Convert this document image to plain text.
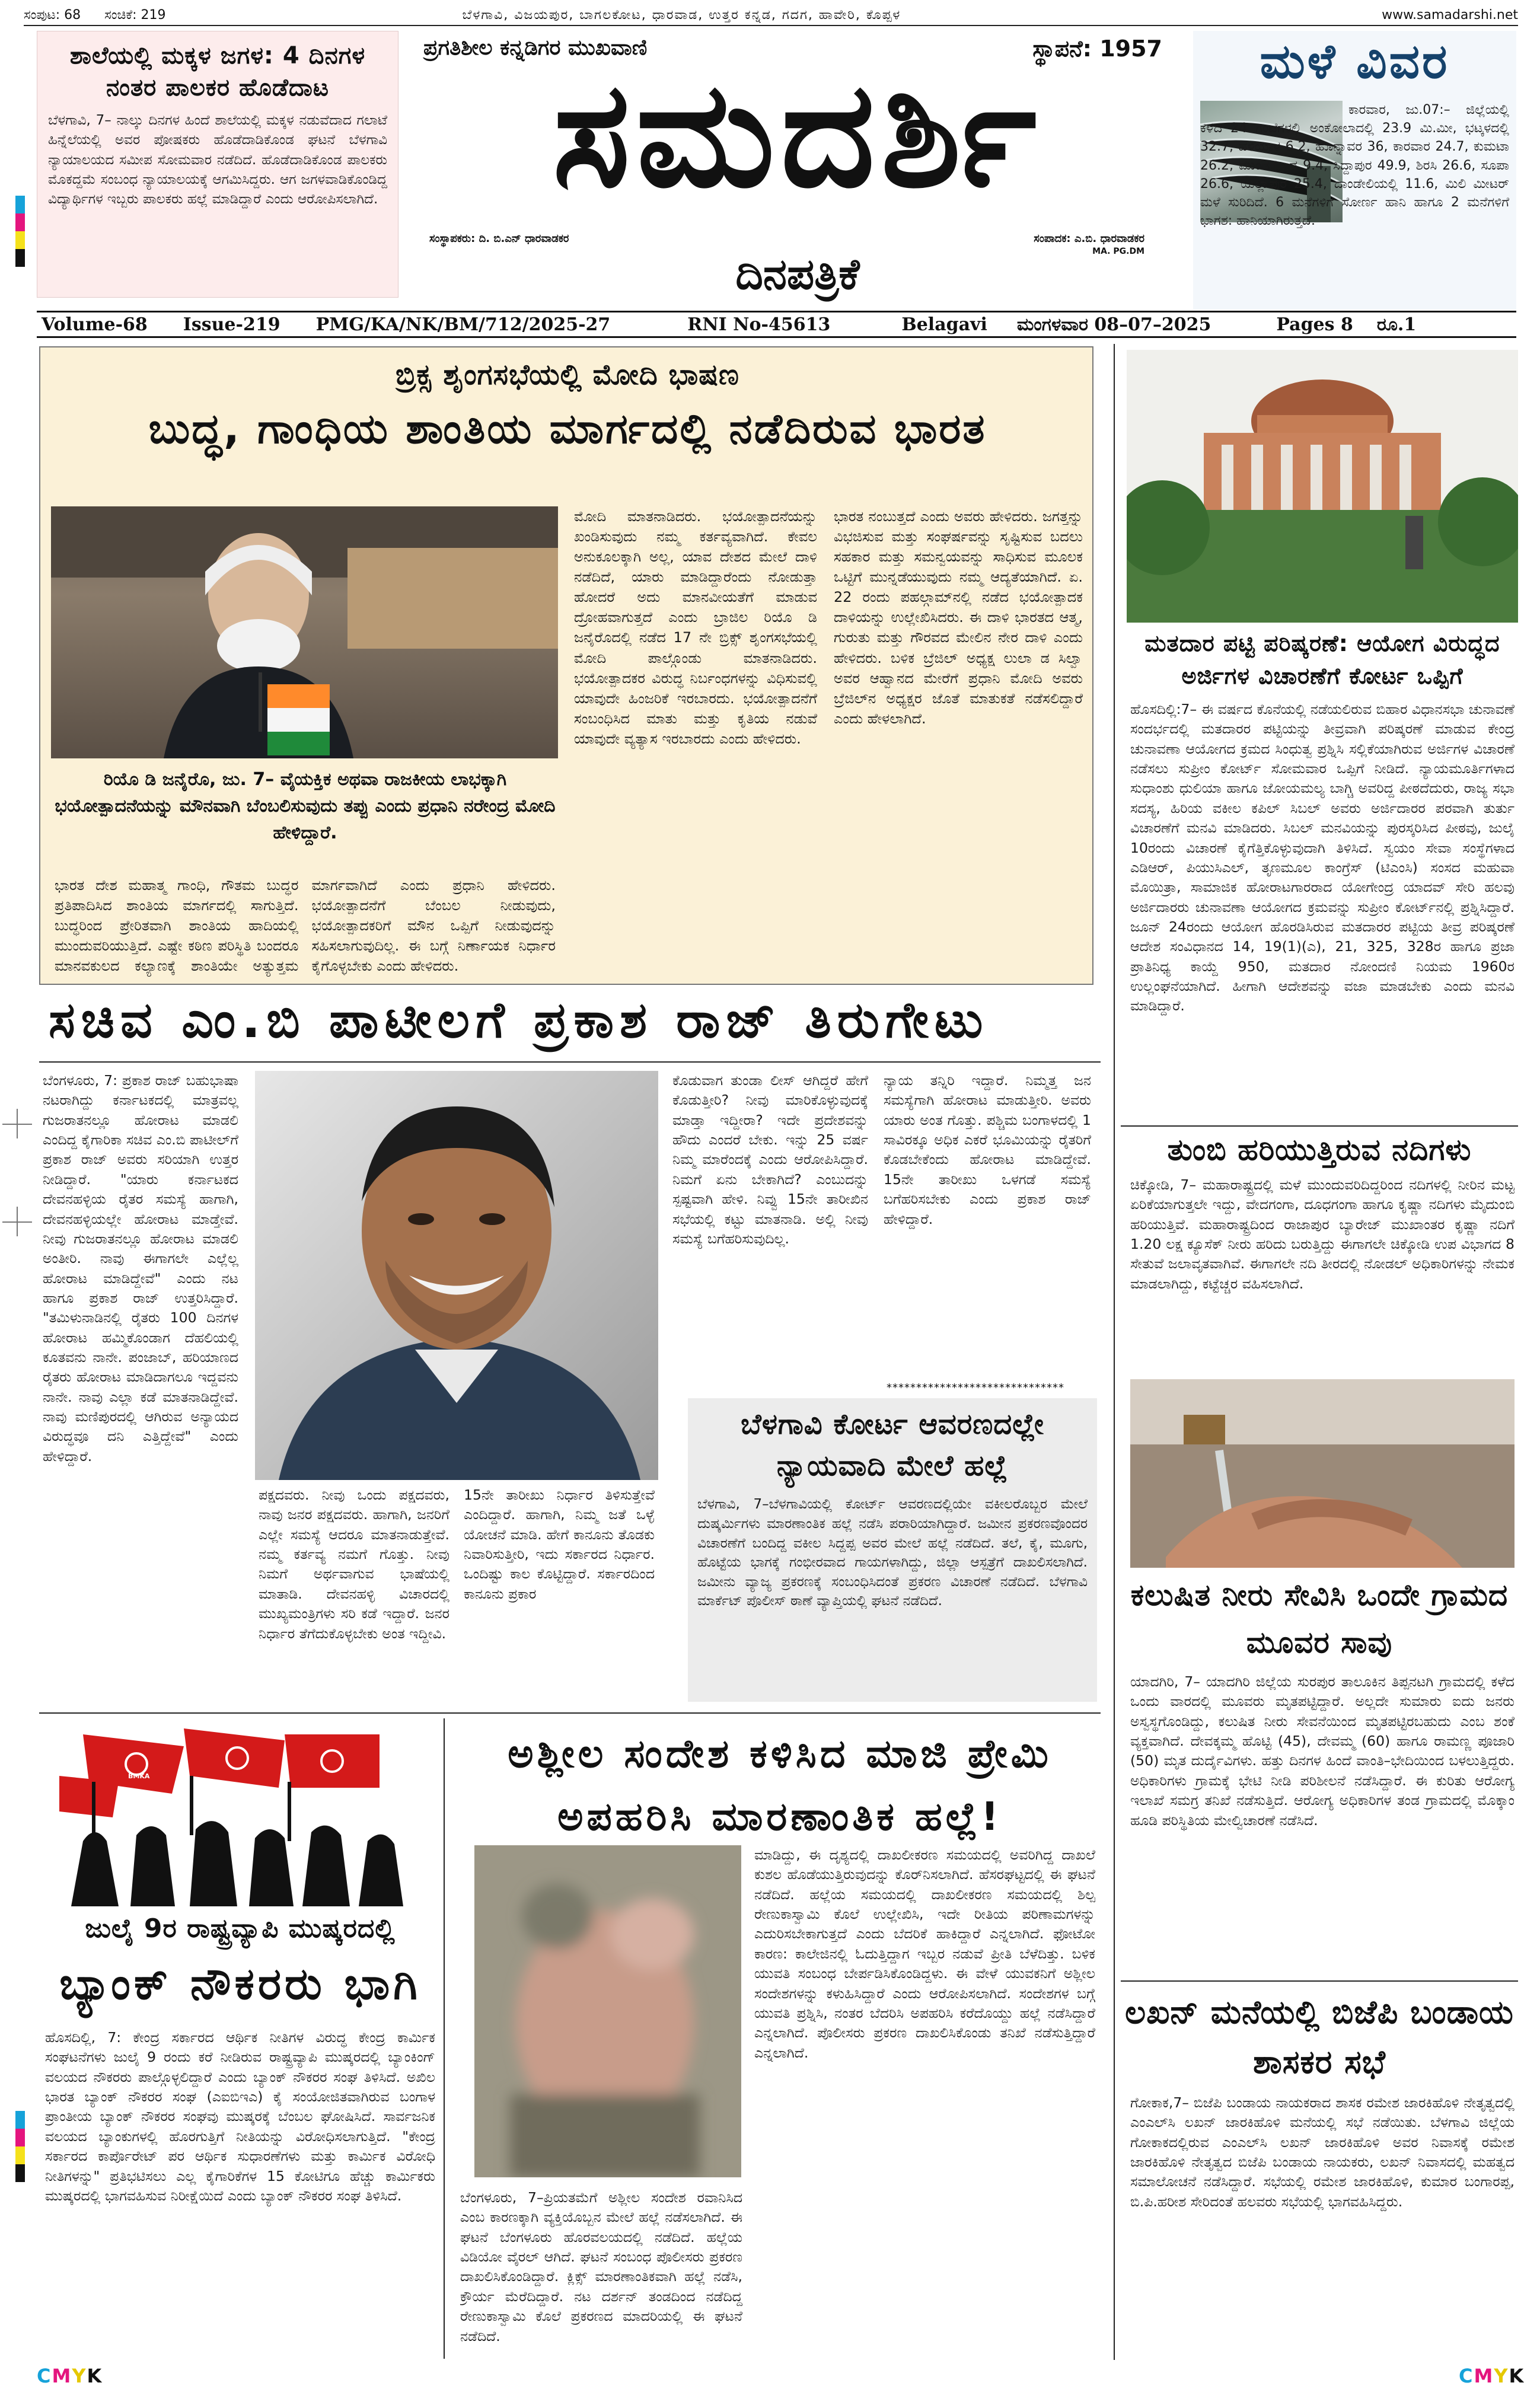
ಸಂಪುಟ: 68 ಸಂಚಿಕೆ: 219	ಬೆಳಗಾವಿ, ವಿಜಯಪುರ, ಬಾಗಲಕೋಟ, ಧಾರವಾಡ, ಉತ್ತರ ಕನ್ನಡ, ಗದಗ, ಹಾವೇರಿ, ಕೊಪ್ಪಳ	www.samadarshi.net
ಶಾಲೆಯಲ್ಲಿ ಮಕ್ಕಳ ಜಗಳ: 4 ದಿನಗಳ ನಂತರ ಪಾಲಕರ ಹೊಡೆದಾಟ
ಬೆಳಗಾವಿ, 7– ನಾಲ್ಕು ದಿನಗಳ ಹಿಂದೆ ಶಾಲೆಯಲ್ಲಿ ಮಕ್ಕಳ ನಡುವೆದಾದ ಗಲಾಟೆ ಹಿನ್ನೆಲೆಯಲ್ಲಿ ಅವರ ಪೋಷಕರು ಹೊಡೆದಾಡಿಕೊಂಡ ಘಟನೆ ಬೆಳಗಾವಿ ನ್ಯಾಯಾಲಯದ ಸಮೀಪ ಸೋಮವಾರ ನಡೆದಿದೆ. ಹೊಡೆದಾಡಿಕೊಂಡ ಪಾಲಕರು ಮೊಕದ್ದಮೆ ಸಂಬಂಧ ನ್ಯಾಯಾಲಯಕ್ಕೆ ಆಗಮಿಸಿದ್ದರು. ಆಗ ಜಗಳವಾಡಿಕೊಂಡಿದ್ದ ವಿದ್ಯಾರ್ಥಿಗಳ ಇಬ್ಬರು ಪಾಲಕರು ಹಲ್ಲೆ ಮಾಡಿದ್ದಾರೆ ಎಂದು ಆರೋಪಿಸಲಾಗಿದೆ.
ಪ್ರಗತಿಶೀಲ ಕನ್ನಡಿಗರ ಮುಖವಾಣಿ	ಸ್ಥಾಪನೆ: 1957
ಸಮದರ್ಶಿ
ಸಂಸ್ಥಾಪಕರು: ದಿ. ಬಿ.ಎನ್ ಧಾರವಾಡಕರ
ದಿನಪತ್ರಿಕೆ
ಸಂಪಾದಕ: ಎ.ಬಿ. ಧಾರವಾಡಕರ
MA. PG.DM
ಮಳೆ ವಿವರ
ಕಾರವಾರ, ಜು.07:– ಜಿಲ್ಲೆಯಲ್ಲಿ ಕಳೆದ 24 ಗಂಟೆಗಳಲ್ಲಿ ಅಂಕೋಲಾದಲ್ಲಿ 23.9 ಮಿ.ಮೀ, ಭಟ್ಕಳದಲ್ಲಿ 32.7, ಹಳಿಯಾಳ 6.2, ಹೊನ್ನಾವರ 36, ಕಾರವಾರ 24.7, ಕುಮಟಾ 26.2, ಮುಂಡಗೋಡ 9.4, ಸಿದ್ದಾಪುರ 49.9, ಶಿರಸಿ 26.6, ಸೂಪಾ 26.6, ಯಲ್ಲಾಪುರ 25.4, ದಾಂಡೇಲಿಯಲ್ಲಿ 11.6, ಮಿಲಿ ಮೀಟರ್ ಮಳೆ ಸುರಿದಿದೆ. 6 ಮನೆಗಳಿಗೆ ಸೋರ್ಣ ಹಾನಿ ಹಾಗೂ 2 ಮನೆಗಳಿಗೆ ಭಾಗಶ: ಹಾನಿಯಾಗಿರುತ್ತದೆ.
Volume-68 Issue-219 PMG/KA/NK/BM/712/2025-27	RNI No-45613	Belagavi ಮಂಗಳವಾರ 08–07–2025	Pages 8 ರೂ.1
ಬ್ರಿಕ್ಸ ಶೃಂಗಸಭೆಯಲ್ಲಿ ಮೋದಿ ಭಾಷಣ
ಬುದ್ಧ, ಗಾಂಧಿಯ ಶಾಂತಿಯ ಮಾರ್ಗದಲ್ಲಿ ನಡೆದಿರುವ ಭಾರತ
ರಿಯೊ ಡಿ ಜನೈರೊ, ಜು. 7– ವೈಯಕ್ತಿಕ ಅಥವಾ ರಾಜಕೀಯ ಲಾಭಕ್ಕಾಗಿ ಭಯೋತ್ಪಾದನೆಯನ್ನು ಮೌನವಾಗಿ ಬೆಂಬಲಿಸುವುದು ತಪ್ಪು ಎಂದು ಪ್ರಧಾನಿ ನರೇಂದ್ರ ಮೋದಿ ಹೇಳಿದ್ದಾರೆ.
ಭಾರತ ದೇಶ ಮಹಾತ್ಮ ಗಾಂಧಿ, ಗೌತಮ ಬುದ್ಧರ ಪ್ರತಿಪಾದಿಸಿದ ಶಾಂತಿಯ ಮಾರ್ಗದಲ್ಲಿ ಸಾಗುತ್ತಿದೆ. ಬುದ್ಧರಿಂದ ಪ್ರೇರಿತವಾಗಿ ಶಾಂತಿಯ ಹಾದಿಯಲ್ಲಿ ಮುಂದುವರಿಯುತ್ತಿದೆ. ಎಷ್ಟೇ ಕಠಿಣ ಪರಿಸ್ಥಿತಿ ಬಂದರೂ ಮಾನವಕುಲದ ಕಲ್ಯಾಣಕ್ಕೆ ಶಾಂತಿಯೇ ಅತ್ಯುತ್ತಮ ಮಾರ್ಗವಾಗಿದೆ ಎಂದು ಪ್ರಧಾನಿ ಹೇಳಿದರು. ಭಯೋತ್ಪಾದನೆಗೆ ಬೆಂಬಲ ನೀಡುವುದು, ಭಯೋತ್ಪಾದಕರಿಗೆ ಮೌನ ಒಪ್ಪಿಗೆ ನೀಡುವುದನ್ನು ಸಹಿಸಲಾಗುವುದಿಲ್ಲ. ಈ ಬಗ್ಗೆ ನಿರ್ಣಾಯಕ ನಿರ್ಧಾರ ಕೈಗೊಳ್ಳಬೇಕು ಎಂದು ಹೇಳಿದರು.
ಮೋದಿ ಮಾತನಾಡಿದರು. ಭಯೋತ್ಪಾದನೆಯನ್ನು ಖಂಡಿಸುವುದು ನಮ್ಮ ಕರ್ತವ್ಯವಾಗಿದೆ. ಕೇವಲ ಅನುಕೂಲಕ್ಕಾಗಿ ಅಲ್ಲ, ಯಾವ ದೇಶದ ಮೇಲೆ ದಾಳಿ ನಡೆದಿದೆ, ಯಾರು ಮಾಡಿದ್ದಾರೆಂದು ನೋಡುತ್ತಾ ಹೋದರೆ ಅದು ಮಾನವೀಯತೆಗೆ ಮಾಡುವ ದ್ರೋಹವಾಗುತ್ತದೆ ಎಂದು ಬ್ರಾಜಿಲ ರಿಯೊ ಡಿ ಜನೈರೊದಲ್ಲಿ ನಡೆದ 17 ನೇ ಬ್ರಿಕ್ಸ್ ಶೃಂಗಸಭೆಯಲ್ಲಿ ಮೋದಿ ಪಾಲ್ಗೊಂಡು ಮಾತನಾಡಿದರು. ಭಯೋತ್ಪಾದಕರ ವಿರುದ್ಧ ನಿರ್ಬಂಧಗಳನ್ನು ವಿಧಿಸುವಲ್ಲಿ ಯಾವುದೇ ಹಿಂಜರಿಕೆ ಇರಬಾರದು. ಭಯೋತ್ಪಾದನೆಗೆ ಸಂಬಂಧಿಸಿದ ಮಾತು ಮತ್ತು ಕೃತಿಯ ನಡುವೆ ಯಾವುದೇ ವ್ಯತ್ಯಾಸ ಇರಬಾರದು ಎಂದು ಹೇಳಿದರು.
ಭಾರತ ನಂಬುತ್ತದೆ ಎಂದು ಅವರು ಹೇಳಿದರು. ಜಗತ್ತನ್ನು ವಿಭಜಿಸುವ ಮತ್ತು ಸಂಘರ್ಷವನ್ನು ಸೃಷ್ಟಿಸುವ ಬದಲು ಸಹಕಾರ ಮತ್ತು ಸಮನ್ವಯವನ್ನು ಸಾಧಿಸುವ ಮೂಲಕ ಒಟ್ಟಿಗೆ ಮುನ್ನಡೆಯುವುದು ನಮ್ಮ ಆದ್ಯತೆಯಾಗಿದೆ. ಏ. 22 ರಂದು ಪಹಲ್ಗಾಮ್‌ನಲ್ಲಿ ನಡೆದ ಭಯೋತ್ಪಾದಕ ದಾಳಿಯನ್ನು ಉಲ್ಲೇಖಿಸಿದರು. ಈ ದಾಳಿ ಭಾರತದ ಆತ್ಮ, ಗುರುತು ಮತ್ತು ಗೌರವದ ಮೇಲಿನ ನೇರ ದಾಳಿ ಎಂದು ಹೇಳಿದರು. ಬಳಿಕ ಬ್ರೆಜಿಲ್ ಅಧ್ಯಕ್ಷ ಲುಲಾ ಡ ಸಿಲ್ವಾ ಅವರ ಆಹ್ವಾನದ ಮೇರೆಗೆ ಪ್ರಧಾನಿ ಮೋದಿ ಅವರು ಬ್ರೆಜಿಲ್‌ನ ಅಧ್ಯಕ್ಷರ ಜೊತೆ ಮಾತುಕತೆ ನಡೆಸಲಿದ್ದಾರೆ ಎಂದು ಹೇಳಲಾಗಿದೆ.
ಮತದಾರ ಪಟ್ಟಿ ಪರಿಷ್ಕರಣೆ: ಆಯೋಗ ವಿರುದ್ಧದ ಅರ್ಜಿಗಳ ವಿಚಾರಣೆಗೆ ಕೋರ್ಟ ಒಪ್ಪಿಗೆ
ಹೊಸದಿಲ್ಲಿ:7– ಈ ವರ್ಷದ ಕೊನೆಯಲ್ಲಿ ನಡೆಯಲಿರುವ ಬಿಹಾರ ವಿಧಾನಸಭಾ ಚುನಾವಣೆ ಸಂದರ್ಭದಲ್ಲಿ ಮತದಾರರ ಪಟ್ಟಿಯನ್ನು ತೀವ್ರವಾಗಿ ಪರಿಷ್ಕರಣೆ ಮಾಡುವ ಕೇಂದ್ರ ಚುನಾವಣಾ ಆಯೋಗದ ಕ್ರಮದ ಸಿಂಧುತ್ವ ಪ್ರಶ್ನಿಸಿ ಸಲ್ಲಿಕೆಯಾಗಿರುವ ಅರ್ಜಿಗಳ ವಿಚಾರಣೆ ನಡೆಸಲು ಸುಪ್ರೀಂ ಕೋರ್ಟ್ ಸೋಮವಾರ ಒಪ್ಪಿಗೆ ನೀಡಿದೆ. ನ್ಯಾಯಮೂರ್ತಿಗಳಾದ ಸುಧಾಂಶು ಧುಲಿಯಾ ಹಾಗೂ ಜೋಯಮಲ್ಯ ಬಾಗ್ಚಿ ಅವರಿದ್ದ ಪೀಠದೆದುರು, ರಾಜ್ಯ ಸಭಾ ಸದಸ್ಯ, ಹಿರಿಯ ವಕೀಲ ಕಪಿಲ್ ಸಿಬಲ್ ಅವರು ಅರ್ಜಿದಾರರ ಪರವಾಗಿ ತುರ್ತು ವಿಚಾರಣೆಗೆ ಮನವಿ ಮಾಡಿದರು. ಸಿಬಲ್ ಮನವಿಯನ್ನು ಪುರಸ್ಕರಿಸಿದ ಪೀಠವು, ಜುಲೈ 10ರಂದು ವಿಚಾರಣೆ ಕೈಗೆತ್ತಿಕೊಳ್ಳುವುದಾಗಿ ತಿಳಿಸಿದೆ. ಸ್ವಯಂ ಸೇವಾ ಸಂಸ್ಥೆಗಳಾದ ಎಡಿಆರ್, ಪಿಯುಸಿಎಲ್, ತೃಣಮೂಲ ಕಾಂಗ್ರೆಸ್ (ಟಿಎಂಸಿ) ಸಂಸದ ಮಹುವಾ ಮೊಯಿತ್ರಾ, ಸಾಮಾಜಿಕ ಹೋರಾಟಗಾರರಾದ ಯೋಗೇಂದ್ರ ಯಾದವ್ ಸೇರಿ ಹಲವು ಅರ್ಜಿದಾರರು ಚುನಾವಣಾ ಆಯೋಗದ ಕ್ರಮವನ್ನು ಸುಪ್ರೀಂ ಕೋರ್ಟ್‌ನಲ್ಲಿ ಪ್ರಶ್ನಿಸಿದ್ದಾರೆ. ಜೂನ್ 24ರಂದು ಆಯೋಗ ಹೊರಡಿಸಿರುವ ಮತದಾರರ ಪಟ್ಟಿಯ ತೀವ್ರ ಪರಿಷ್ಕರಣೆ ಆದೇಶ ಸಂವಿಧಾನದ 14, 19(1)(ಎ), 21, 325, 328ರ ಹಾಗೂ ಪ್ರಜಾ ಪ್ರಾತಿನಿಧ್ಯ ಕಾಯ್ದೆ 950, ಮತದಾರ ನೋಂದಣಿ ನಿಯಮ 1960ರ ಉಲ್ಲಂಘನೆಯಾಗಿದೆ. ಹೀಗಾಗಿ ಆದೇಶವನ್ನು ವಜಾ ಮಾಡಬೇಕು ಎಂದು ಮನವಿ ಮಾಡಿದ್ದಾರೆ.
ಸಚಿವ ಎಂ.ಬಿ ಪಾಟೀಲಗೆ ಪ್ರಕಾಶ ರಾಜ್ ತಿರುಗೇಟು
ಬೆಂಗಳೂರು, 7: ಪ್ರಕಾಶ ರಾಜ್ ಬಹುಭಾಷಾ ನಟರಾಗಿದ್ದು ಕರ್ನಾಟಕದಲ್ಲಿ ಮಾತ್ರವಲ್ಲ ಗುಜರಾತನಲ್ಲೂ ಹೋರಾಟ ಮಾಡಲಿ ಎಂದಿದ್ದ ಕೈಗಾರಿಕಾ ಸಚಿವ ಎಂ.ಬಿ ಪಾಟೀಲ್‌ಗೆ ಪ್ರಕಾಶ ರಾಜ್ ಅವರು ಸರಿಯಾಗಿ ಉತ್ತರ ನೀಡಿದ್ದಾರೆ. "ಯಾರು ಕರ್ನಾಟಕದ ದೇವನಹಳ್ಳಿಯ ರೈತರ ಸಮಸ್ಯೆ ಹಾಗಾಗಿ, ದೇವನಹಳ್ಳಿಯಲ್ಲೇ ಹೋರಾಟ ಮಾಡ್ತೇವೆ. ನೀವು ಗುಜರಾತನಲ್ಲೂ ಹೋರಾಟ ಮಾಡಲಿ ಅಂತೀರಿ. ನಾವು ಈಗಾಗಲೇ ಎಲ್ಲೆಲ್ಲ ಹೋರಾಟ ಮಾಡಿದ್ದೇವೆ" ಎಂದು ನಟ ಹಾಗೂ ಪ್ರಕಾಶ ರಾಜ್ ಉತ್ತರಿಸಿದ್ದಾರೆ. "ತಮಿಳುನಾಡಿನಲ್ಲಿ ರೈತರು 100 ದಿನಗಳ ಹೋರಾಟ ಹಮ್ಮಿಕೊಂಡಾಗ ದೆಹಲಿಯಲ್ಲಿ ಕೂತವನು ನಾನೇ. ಪಂಜಾಬ್, ಹರಿಯಾಣದ ರೈತರು ಹೋರಾಟ ಮಾಡಿದಾಗಲೂ ಇದ್ದವನು ನಾನೇ. ನಾವು ಎಲ್ಲಾ ಕಡೆ ಮಾತನಾಡಿದ್ದೇವೆ. ನಾವು ಮಣಿಪುರದಲ್ಲಿ ಆಗಿರುವ ಅನ್ಯಾಯದ ವಿರುದ್ಧವೂ ದನಿ ಎತ್ತಿದ್ದೇವೆ" ಎಂದು ಹೇಳಿದ್ದಾರೆ.
ಪಕ್ಷದವರು. ನೀವು ಒಂದು ಪಕ್ಷದವರು, ನಾವು ಜನರ ಪಕ್ಷದವರು. ಹಾಗಾಗಿ, ಜನರಿಗೆ ಎಲ್ಲೇ ಸಮಸ್ಯೆ ಆದರೂ ಮಾತನಾಡುತ್ತೇವೆ. ನಮ್ಮ ಕರ್ತವ್ಯ ನಮಗೆ ಗೊತ್ತು. ನೀವು ನಿಮಗೆ ಅರ್ಥವಾಗುವ ಭಾಷೆಯಲ್ಲಿ ಮಾತಾಡಿ. ದೇವನಹಳ್ಳಿ ವಿಚಾರದಲ್ಲಿ ಮುಖ್ಯಮಂತ್ರಿಗಳು ಸರಿ ಕಡೆ ಇದ್ದಾರೆ. ಜನರ ನಿರ್ಧಾರ ತೆಗೆದುಕೊಳ್ಳಬೇಕು ಅಂತ ಇದ್ದೀವಿ.
15ನೇ ತಾರೀಖು ನಿರ್ಧಾರ ತಿಳಿಸುತ್ತೇವೆ ಎಂದಿದ್ದಾರೆ. ಹಾಗಾಗಿ, ನಿಮ್ಮ ಜತೆ ಒಳ್ಳೆ ಯೋಚನೆ ಮಾಡಿ. ಹೇಗೆ ಕಾನೂನು ತೊಡಕು ನಿವಾರಿಸುತ್ತೀರಿ, ಇದು ಸರ್ಕಾರದ ನಿರ್ಧಾರ. ಒಂದಿಷ್ಟು ಕಾಲ ಕೊಟ್ಟಿದ್ದಾರೆ. ಸರ್ಕಾರದಿಂದ ಕಾನೂನು ಪ್ರಕಾರ
ಕೊಡುವಾಗ ತುಂಡಾ ಲೀಸ್ ಆಗಿದ್ದರೆ ಹೇಗೆ ಕೊಡುತ್ತೀರಿ? ನೀವು ಮಾರಿಕೊಳ್ಳುವುದಕ್ಕೆ ಮಾಡ್ತಾ ಇದ್ದೀರಾ? ಇದೇ ಪ್ರದೇಶವನ್ನು ಹೌದು ಎಂದರೆ ಬೇಕು. ಇನ್ನು 25 ವರ್ಷ ನಿಮ್ಮ ಮಾರೆಂದಕ್ಕೆ ಎಂದು ಆರೋಪಿಸಿದ್ದಾರೆ. ನಿಮಗೆ ಏನು ಬೇಕಾಗಿದೆ? ಎಂಬುದನ್ನು ಸ್ಪಷ್ಟವಾಗಿ ಹೇಳಿ. ನಿವ್ವು 15ನೇ ತಾರೀಖಿನ ಸಭೆಯಲ್ಲಿ ಕಟ್ಟು ಮಾತನಾಡಿ. ಅಲ್ಲಿ ನೀವು ಸಮಸ್ಯೆ ಬಗೆಹರಿಸುವುದಿಲ್ಲ.
ನ್ಯಾಯ ತನ್ನಿರಿ ಇದ್ದಾರೆ. ನಿಮ್ಮತ್ತ ಜನ ಸಮಸ್ಯೆಗಾಗಿ ಹೋರಾಟ ಮಾಡುತ್ತೀರಿ. ಅವರು ಯಾರು ಅಂತ ಗೊತ್ತು. ಪಶ್ಚಿಮ ಬಂಗಾಳದಲ್ಲಿ 1 ಸಾವಿರಕ್ಕೂ ಅಧಿಕ ಎಕರೆ ಭೂಮಿಯನ್ನು ರೈತರಿಗೆ ಕೊಡಬೇಕೆಂದು ಹೋರಾಟ ಮಾಡಿದ್ದೇವೆ. 15ನೇ ತಾರೀಖು ಒಳಗಡೆ ಸಮಸ್ಯೆ ಬಗೆಹರಿಸಬೇಕು ಎಂದು ಪ್ರಕಾಶ ರಾಜ್ ಹೇಳಿದ್ದಾರೆ.
******************************
ಬೆಳಗಾವಿ ಕೋರ್ಟ ಆವರಣದಲ್ಲೇ ನ್ಯಾಯವಾದಿ ಮೇಲೆ ಹಲ್ಲೆ
ಬೆಳಗಾವಿ, 7–ಬೆಳಗಾವಿಯಲ್ಲಿ ಕೋರ್ಟ್ ಆವರಣದಲ್ಲಿಯೇ ವಕೀಲರೊಬ್ಬರ ಮೇಲೆ ದುಷ್ಕರ್ಮಿಗಳು ಮಾರಣಾಂತಿಕ ಹಲ್ಲೆ ನಡೆಸಿ ಪರಾರಿಯಾಗಿದ್ದಾರೆ. ಜಮೀನ ಪ್ರಕರಣವೊಂದರ ವಿಚಾರಣೆಗೆ ಬಂದಿದ್ದ ವಕೀಲ ಸಿದ್ದಪ್ಪ ಅವರ ಮೇಲೆ ಹಲ್ಲೆ ನಡೆದಿದೆ. ತಲೆ, ಕೈ, ಮೂಗು, ಹೊಟ್ಟೆಯ ಭಾಗಕ್ಕೆ ಗಂಭೀರವಾದ ಗಾಯಗಳಾಗಿದ್ದು, ಜಿಲ್ಲಾ ಆಸ್ಪತ್ರೆಗೆ ದಾಖಲಿಸಲಾಗಿದೆ. ಜಮೀನು ವ್ಯಾಜ್ಯ ಪ್ರಕರಣಕ್ಕೆ ಸಂಬಂಧಿಸಿದಂತೆ ಪ್ರಕರಣ ವಿಚಾರಣೆ ನಡೆದಿದೆ. ಬೆಳಗಾವಿ ಮಾರ್ಕೆಟ್ ಪೊಲೀಸ್ ಠಾಣೆ ವ್ಯಾಪ್ತಿಯಲ್ಲಿ ಘಟನೆ ನಡೆದಿದೆ.
ತುಂಬಿ ಹರಿಯುತ್ತಿರುವ ನದಿಗಳು
ಚಿಕ್ಕೋಡಿ, 7– ಮಹಾರಾಷ್ಟ್ರದಲ್ಲಿ ಮಳೆ ಮುಂದುವರಿದಿದ್ದರಿಂದ ನದಿಗಳಲ್ಲಿ ನೀರಿನ ಮಟ್ಟ ಏರಿಕೆಯಾಗುತ್ತಲೇ ಇದ್ದು, ವೇದಗಂಗಾ, ದೂಧಗಂಗಾ ಹಾಗೂ ಕೃಷ್ಣಾ ನದಿಗಳು ಮೈದುಂಬಿ ಹರಿಯುತ್ತಿವೆ. ಮಹಾರಾಷ್ಟ್ರದಿಂದ ರಾಜಾಪುರ ಬ್ಯಾರೇಜ್ ಮುಖಾಂತರ ಕೃಷ್ಣಾ ನದಿಗೆ 1.20 ಲಕ್ಷ ಕ್ಯೂಸೆಕ್ ನೀರು ಹರಿದು ಬರುತ್ತಿದ್ದು ಈಗಾಗಲೇ ಚಿಕ್ಕೋಡಿ ಉಪ ವಿಭಾಗದ 8 ಸೇತುವೆ ಜಲಾವೃತವಾಗಿವೆ. ಈಗಾಗಲೇ ನದಿ ತೀರದಲ್ಲಿ ನೋಡಲ್ ಅಧಿಕಾರಿಗಳನ್ನು ನೇಮಕ ಮಾಡಲಾಗಿದ್ದು, ಕಟ್ಟೆಚ್ಚರ ವಹಿಸಲಾಗಿದೆ.
ಕಲುಷಿತ ನೀರು ಸೇವಿಸಿ ಒಂದೇ ಗ್ರಾಮದ ಮೂವರ ಸಾವು
ಯಾದಗಿರಿ, 7– ಯಾದಗಿರಿ ಜಿಲ್ಲೆಯ ಸುರಪುರ ತಾಲೂಕಿನ ತಿಪ್ಪನಟಗಿ ಗ್ರಾಮದಲ್ಲಿ ಕಳೆದ ಒಂದು ವಾರದಲ್ಲಿ ಮೂವರು ಮೃತಪಟ್ಟಿದ್ದಾರೆ. ಅಲ್ಲದೇ ಸುಮಾರು ಐದು ಜನರು ಅಸ್ವಸ್ಥಗೊಂಡಿದ್ದು, ಕಲುಷಿತ ನೀರು ಸೇವನೆಯಿಂದ ಮೃತಪಟ್ಟಿರಬಹುದು ಎಂಬ ಶಂಕೆ ವ್ಯಕ್ತವಾಗಿದೆ. ದೇವಕ್ಕಮ್ಮ ಹೊಟ್ಟಿ (45), ದೇವಮ್ಮ (60) ಹಾಗೂ ರಾಮಣ್ಣ ಪೂಜಾರಿ (50) ಮೃತ ದುರ್ದೈವಿಗಳು. ಹತ್ತು ದಿನಗಳ ಹಿಂದೆ ವಾಂತಿ–ಭೇದಿಯಿಂದ ಬಳಲುತ್ತಿದ್ದರು. ಅಧಿಕಾರಿಗಳು ಗ್ರಾಮಕ್ಕೆ ಭೇಟಿ ನೀಡಿ ಪರಿಶೀಲನೆ ನಡೆಸಿದ್ದಾರೆ. ಈ ಕುರಿತು ಆರೋಗ್ಯ ಇಲಾಖೆ ಸಮಗ್ರ ತನಿಖೆ ನಡೆಸುತ್ತಿದೆ. ಆರೋಗ್ಯ ಅಧಿಕಾರಿಗಳ ತಂಡ ಗ್ರಾಮದಲ್ಲಿ ಮೊಕ್ಕಾಂ ಹೂಡಿ ಪರಿಸ್ಥಿತಿಯ ಮೇಲ್ವಿಚಾರಣೆ ನಡೆಸಿದೆ.
ಲಖನ್ ಮನೆಯಲ್ಲಿ ಬಿಜೆಪಿ ಬಂಡಾಯ ಶಾಸಕರ ಸಭೆ
ಗೋಕಾಕ,7– ಬಿಜೆಪಿ ಬಂಡಾಯ ನಾಯಕರಾದ ಶಾಸಕ ರಮೇಶ ಜಾರಕಿಹೊಳಿ ನೇತೃತ್ವದಲ್ಲಿ ಎಂಎಲ್‌ಸಿ ಲಖನ್ ಜಾರಕಿಹೊಳಿ ಮನೆಯಲ್ಲಿ ಸಭೆ ನಡೆಯಿತು. ಬೆಳಗಾವಿ ಜಿಲ್ಲೆಯ ಗೋಕಾಕದಲ್ಲಿರುವ ಎಂಎಲ್‌ಸಿ ಲಖನ್ ಜಾರಕಿಹೊಳಿ ಅವರ ನಿವಾಸಕ್ಕೆ ರಮೇಶ ಜಾರಕಿಹೊಳಿ ನೇತೃತ್ವದ ಬಿಜೆಪಿ ಬಂಡಾಯ ನಾಯಕರು, ಲಖನ್ ನಿವಾಸದಲ್ಲಿ ಮಹತ್ವದ ಸಮಾಲೋಚನೆ ನಡೆಸಿದ್ದಾರೆ. ಸಭೆಯಲ್ಲಿ ರಮೇಶ ಜಾರಕಿಹೊಳಿ, ಕುಮಾರ ಬಂಗಾರಪ್ಪ, ಬಿ.ಪಿ.ಹರೀಶ ಸೇರಿದಂತೆ ಹಲವರು ಸಭೆಯಲ್ಲಿ ಭಾಗವಹಿಸಿದ್ದರು.
BMKA
ಜುಲೈ 9ರ ರಾಷ್ಟ್ರವ್ಯಾಪಿ ಮುಷ್ಕರದಲ್ಲಿ
ಬ್ಯಾಂಕ್ ನೌಕರರು ಭಾಗಿ
ಹೊಸದಿಲ್ಲಿ, 7: ಕೇಂದ್ರ ಸರ್ಕಾರದ ಆರ್ಥಿಕ ನೀತಿಗಳ ವಿರುದ್ಧ ಕೇಂದ್ರ ಕಾರ್ಮಿಕ ಸಂಘಟನೆಗಳು ಜುಲೈ 9 ರಂದು ಕರೆ ನೀಡಿರುವ ರಾಷ್ಟ್ರವ್ಯಾಪಿ ಮುಷ್ಕರದಲ್ಲಿ ಬ್ಯಾಂಕಿಂಗ್ ವಲಯದ ನೌಕರರು ಪಾಲ್ಗೊಳ್ಳಲಿದ್ದಾರೆ ಎಂದು ಬ್ಯಾಂಕ್ ನೌಕರರ ಸಂಘ ತಿಳಿಸಿದೆ. ಅಖಿಲ ಭಾರತ ಬ್ಯಾಂಕ್ ನೌಕರರ ಸಂಘ (ಎಐಬಿಇಎ) ಕೈ ಸಂಯೋಜಿತವಾಗಿರುವ ಬಂಗಾಳ ಪ್ರಾಂತೀಯ ಬ್ಯಾಂಕ್ ನೌಕರರ ಸಂಘವು ಮುಷ್ಕರಕ್ಕೆ ಬೆಂಬಲ ಘೋಷಿಸಿದೆ. ಸಾರ್ವಜನಿಕ ವಲಯದ ಬ್ಯಾಂಕುಗಳಲ್ಲಿ ಹೊರಗುತ್ತಿಗೆ ನೀತಿಯನ್ನು ವಿರೋಧಿಸಲಾಗುತ್ತಿದೆ. "ಕೇಂದ್ರ ಸರ್ಕಾರದ ಕಾರ್ಪೊರೇಟ್ ಪರ ಆರ್ಥಿಕ ಸುಧಾರಣೆಗಳು ಮತ್ತು ಕಾರ್ಮಿಕ ವಿರೋಧಿ ನೀತಿಗಳನ್ನು" ಪ್ರತಿಭಟಿಸಲು ಎಲ್ಲ ಕೈಗಾರಿಕೆಗಳ 15 ಕೋಟಿಗೂ ಹೆಚ್ಚು ಕಾರ್ಮಿಕರು ಮುಷ್ಕರದಲ್ಲಿ ಭಾಗವಹಿಸುವ ನಿರೀಕ್ಷೆಯಿದೆ ಎಂದು ಬ್ಯಾಂಕ್ ನೌಕರರ ಸಂಘ ತಿಳಿಸಿದೆ.
ಅಶ್ಲೀಲ ಸಂದೇಶ ಕಳಿಸಿದ ಮಾಜಿ ಪ್ರೇಮಿ ಅಪಹರಿಸಿ ಮಾರಣಾಂತಿಕ ಹಲ್ಲೆ!
ಮಾಡಿದ್ದು, ಈ ದೃಶ್ಯದಲ್ಲಿ ದಾಖಲೀಕರಣ ಸಮಯದಲ್ಲಿ ಅವರಿಗಿದ್ದ ದಾಖಲೆ ಕುಶಲ ಹೊಡೆಯುತ್ತಿರುವುದನ್ನು ಕೊರ್‌ನಿಸಲಾಗಿದೆ. ಹೆಸರಘಟ್ಟದಲ್ಲಿ ಈ ಘಟನೆ ನಡೆದಿದೆ. ಹಲ್ಲೆಯ ಸಮಯದಲ್ಲಿ ದಾಖಲೀಕರಣ ಸಮಯದಲ್ಲಿ ಶಿಲ್ಪ ರೇಣುಕಾಸ್ವಾಮಿ ಕೊಲೆ ಉಲ್ಲೇಖಿಸಿ, ಇದೇ ರೀತಿಯ ಪರಿಣಾಮಗಳನ್ನು ಎದುರಿಸಬೇಕಾಗುತ್ತದೆ ಎಂದು ಬೆದರಿಕೆ ಹಾಕಿದ್ದಾರೆ ಎನ್ನಲಾಗಿದೆ. ಫೋಟೋ ಕಾರಣ: ಕಾಲೇಜಿನಲ್ಲಿ ಓದುತ್ತಿದ್ದಾಗ ಇಬ್ಬರ ನಡುವೆ ಪ್ರೀತಿ ಬೆಳೆದಿತ್ತು. ಬಳಿಕ ಯುವತಿ ಸಂಬಂಧ ಬೇರ್ಪಡಿಸಿಕೊಂಡಿದ್ದಳು. ಈ ವೇಳೆ ಯುವಕನಿಗೆ ಅಶ್ಲೀಲ ಸಂದೇಶಗಳನ್ನು ಕಳುಹಿಸಿದ್ದಾರೆ ಎಂದು ಆರೋಪಿಸಲಾಗಿದೆ. ಸಂದೇಶಗಳ ಬಗ್ಗೆ ಯುವತಿ ಪ್ರಶ್ನಿಸಿ, ನಂತರ ಬೆದರಿಸಿ ಅಪಹರಿಸಿ ಕರೆದೊಯ್ದು ಹಲ್ಲೆ ನಡೆಸಿದ್ದಾರೆ ಎನ್ನಲಾಗಿದೆ. ಪೊಲೀಸರು ಪ್ರಕರಣ ದಾಖಲಿಸಿಕೊಂಡು ತನಿಖೆ ನಡೆಸುತ್ತಿದ್ದಾರೆ ಎನ್ನಲಾಗಿದೆ.
ಬೆಂಗಳೂರು, 7–ಪ್ರಿಯತಮೆಗೆ ಅಶ್ಲೀಲ ಸಂದೇಶ ರವಾನಿಸಿದ ಎಂಬ ಕಾರಣಕ್ಕಾಗಿ ವ್ಯಕ್ತಿಯೊಬ್ಬನ ಮೇಲೆ ಹಲ್ಲೆ ನಡೆಸಲಾಗಿದೆ. ಈ ಘಟನೆ ಬೆಂಗಳೂರು ಹೊರವಲಯದಲ್ಲಿ ನಡೆದಿದೆ. ಹಲ್ಲೆಯ ವಿಡಿಯೋ ವೈರಲ್ ಆಗಿದೆ. ಘಟನೆ ಸಂಬಂಧ ಪೊಲೀಸರು ಪ್ರಕರಣ ದಾಖಲಿಸಿಕೊಂಡಿದ್ದಾರೆ. ಕ್ಲಿಕ್ಸ್ ಮಾರಣಾಂತಿಕವಾಗಿ ಹಲ್ಲೆ ನಡೆಸಿ, ಕ್ರೌರ್ಯ ಮೆರೆದಿದ್ದಾರೆ. ನಟ ದರ್ಶನ್ ತಂಡದಿಂದ ನಡೆದಿದ್ದ ರೇಣುಕಾಸ್ವಾಮಿ ಕೊಲೆ ಪ್ರಕರಣದ ಮಾದರಿಯಲ್ಲಿ ಈ ಘಟನೆ ನಡೆದಿದೆ.
CMYK	CMYK
